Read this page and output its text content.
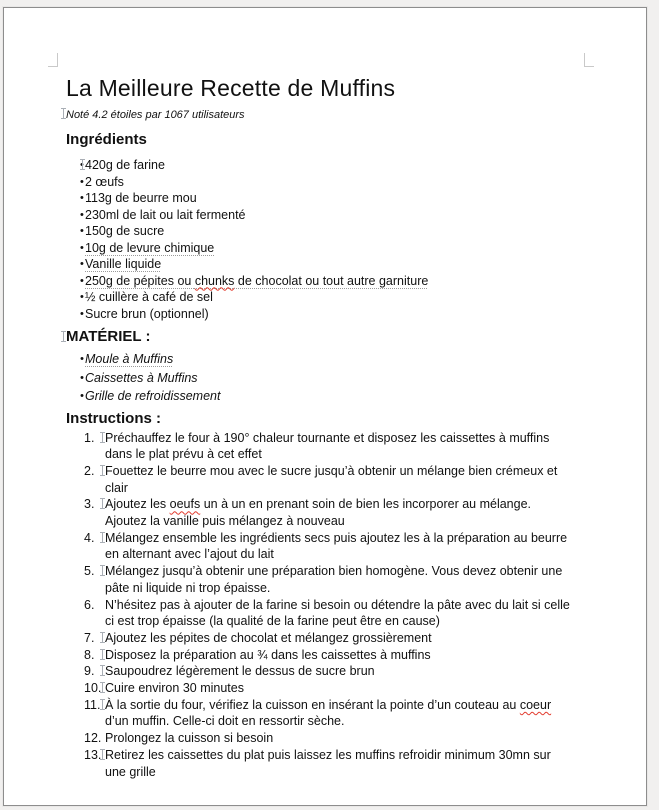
La Meilleure Recette de Muffins
Noté 4.2 étoiles par 1067 utilisateurs
Ingrédients
• 420g de farine
• 2 œufs
• 113g de beurre mou
• 230ml de lait ou lait fermenté
• 150g de sucre
• 10g de levure chimique
• Vanille liquide
• 250g de pépites ou chunks de chocolat ou tout autre garniture
• ½ cuillère à café de sel
• Sucre brun (optionnel)
MATÉRIEL :
• Moule à Muffins
• Caissettes à Muffins
• Grille de refroidissement
Instructions :
Préchauffez le four à 190° chaleur tournante et disposez les caissettes à muffins dans le plat prévu à cet effet
Fouettez le beurre mou avec le sucre jusqu’à obtenir un mélange bien crémeux et clair
Ajoutez les oeufs un à un en prenant soin de bien les incorporer au mélange. Ajoutez la vanille puis mélangez à nouveau
Mélangez ensemble les ingrédients secs puis ajoutez les à la préparation au beurre en alternant avec l’ajout du lait
Mélangez jusqu’à obtenir une préparation bien homogène. Vous devez obtenir une pâte ni liquide ni trop épaisse.
N’hésitez pas à ajouter de la farine si besoin ou détendre la pâte avec du lait si celle ci est trop épaisse (la qualité de la farine peut être en cause)
Ajoutez les pépites de chocolat et mélangez grossièrement
Disposez la préparation au ¾ dans les caissettes à muffins
Saupoudrez légèrement le dessus de sucre brun
Cuire environ 30 minutes
À la sortie du four, vérifiez la cuisson en insérant la pointe d’un couteau au coeur d’un muffin. Celle-ci doit en ressortir sèche.
Prolongez la cuisson si besoin
Retirez les caissettes du plat puis laissez les muffins refroidir minimum 30mn sur une grille
